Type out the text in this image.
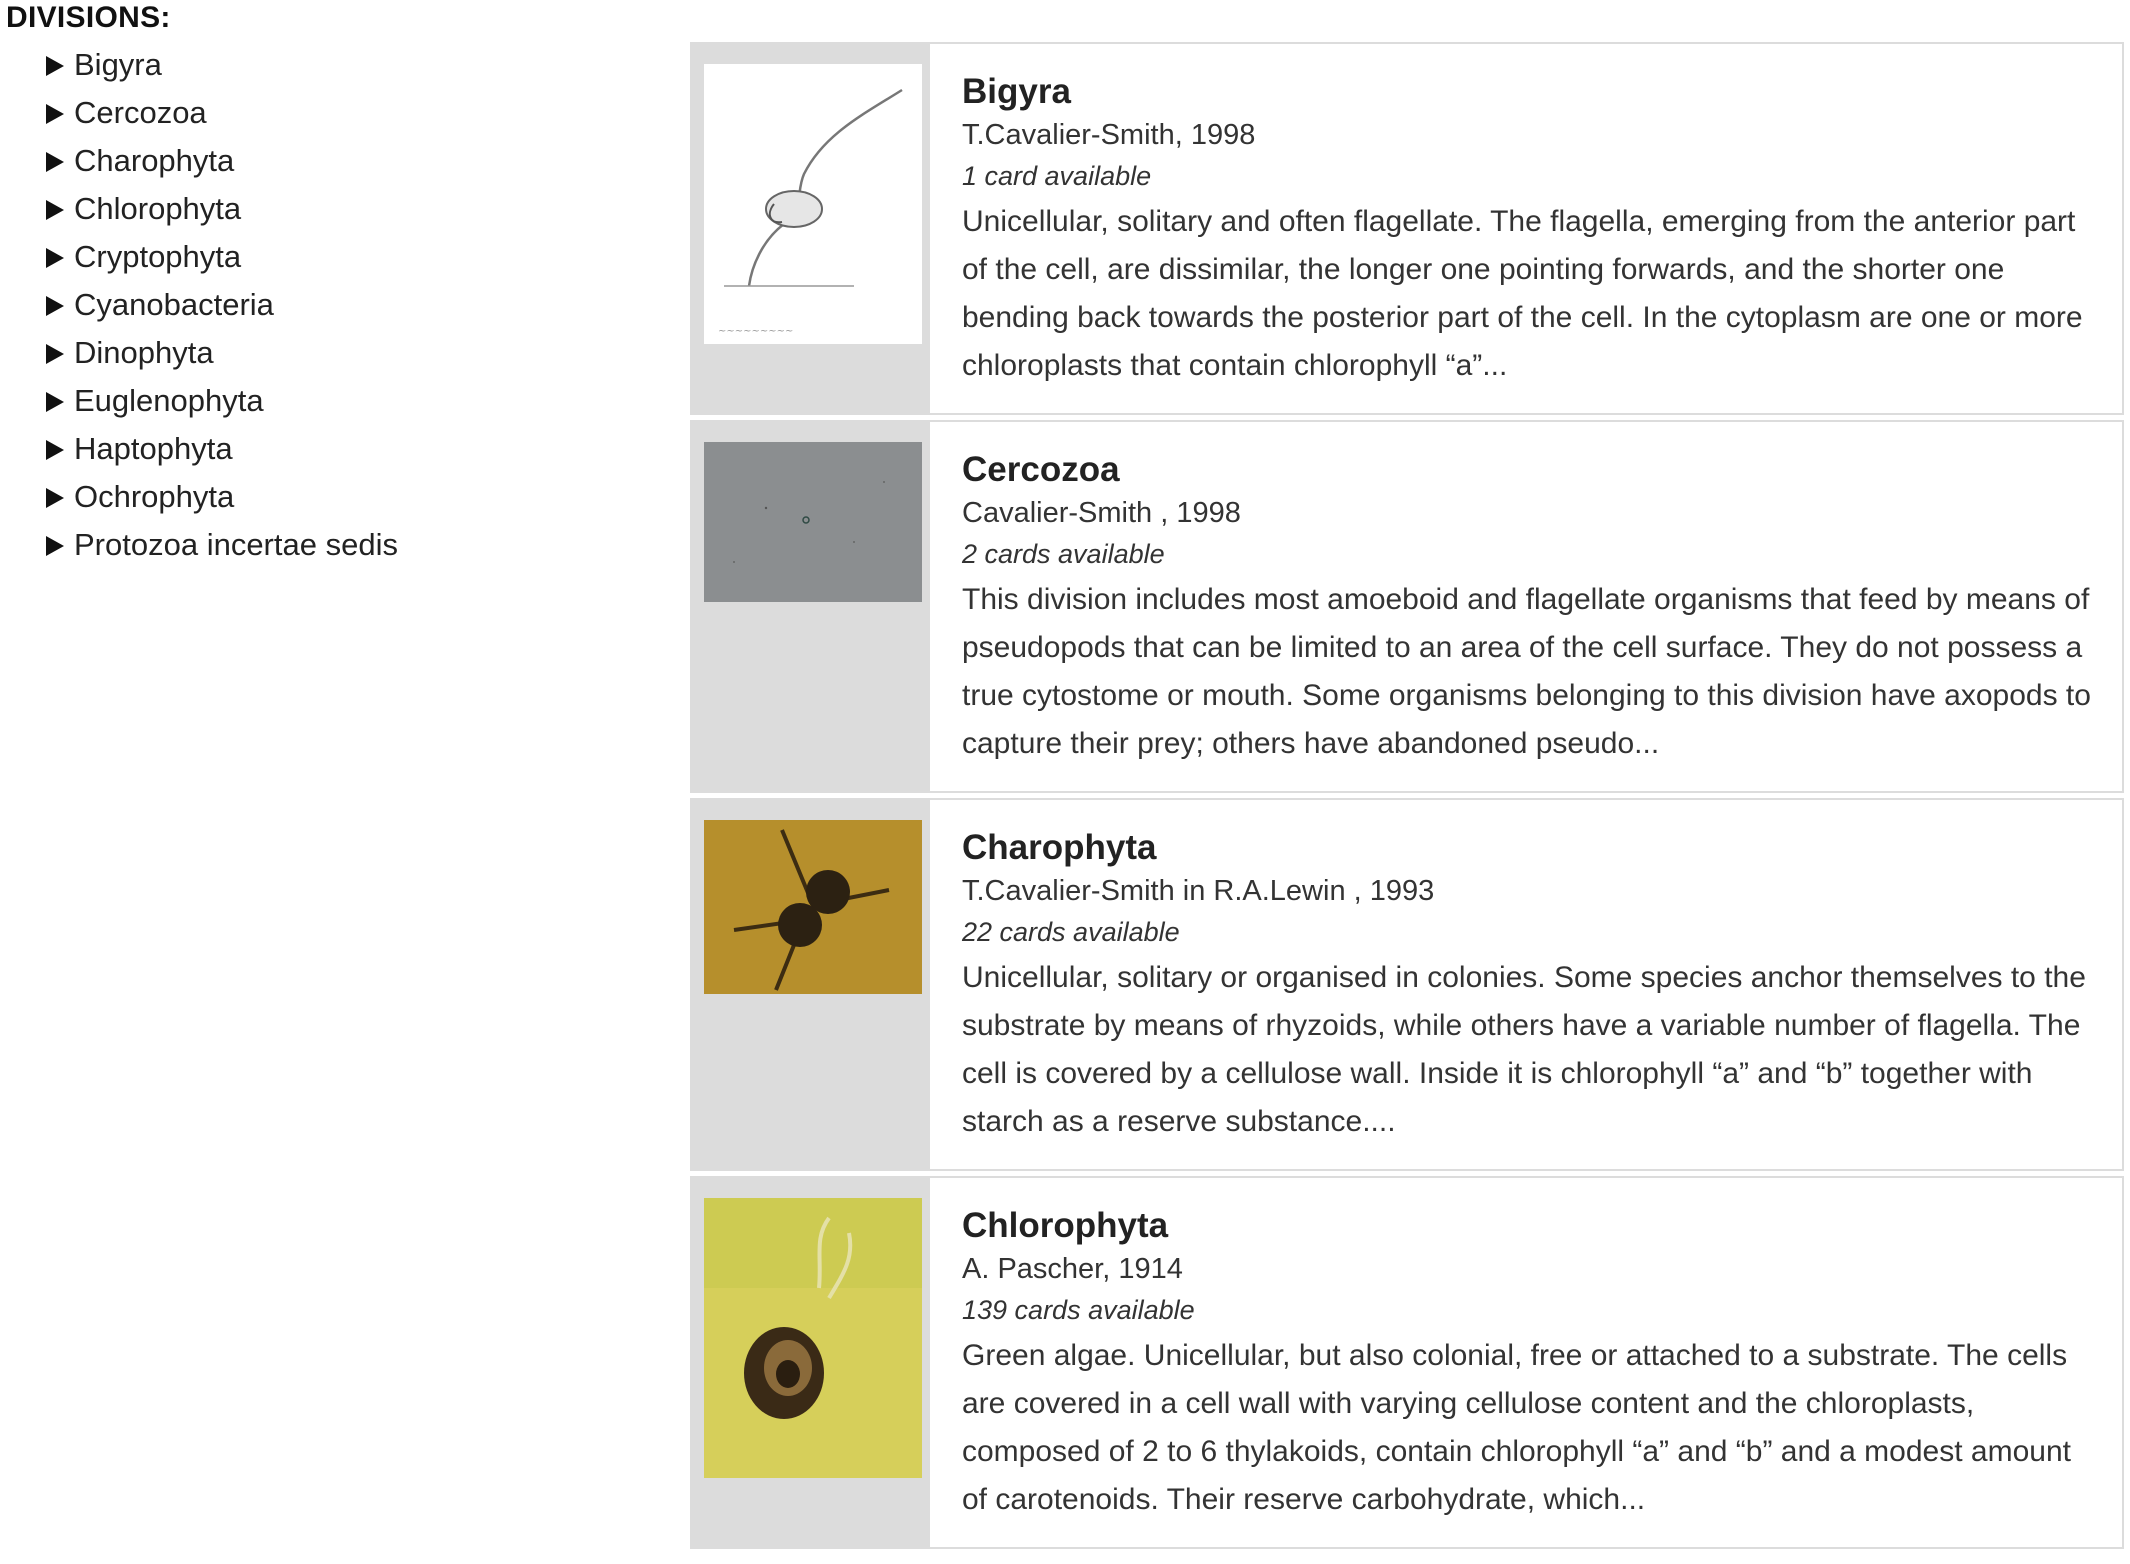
DIVISIONS:
Bigyra
Cercozoa
Charophyta
Chlorophyta
Cryptophyta
Cyanobacteria
Dinophyta
Euglenophyta
Haptophyta
Ochrophyta
Protozoa incertae sedis
~~~~~~~~~
Bigyra
T.Cavalier-Smith, 1998
1 card available
Unicellular, solitary and often flagellate. The flagella, emerging from the anterior part of the cell, are dissimilar, the longer one pointing forwards, and the shorter one bending back towards the posterior part of the cell. In the cytoplasm are one or more chloroplasts that contain chlorophyll “a”...
Cercozoa
Cavalier-Smith , 1998
2 cards available
This division includes most amoeboid and flagellate organisms that feed by means of pseudopods that can be limited to an area of the cell surface. They do not possess a true cytostome or mouth. Some organisms belonging to this division have axopods to capture their prey; others have abandoned pseudo...
Charophyta
T.Cavalier-Smith in R.A.Lewin , 1993
22 cards available
Unicellular, solitary or organised in colonies. Some species anchor themselves to the substrate by means of rhyzoids, while others have a variable number of flagella. The cell is covered by a cellulose wall. Inside it is chlorophyll “a” and “b” together with starch as a reserve substance....
Chlorophyta
A. Pascher, 1914
139 cards available
Green algae. Unicellular, but also colonial, free or attached to a substrate. The cells are covered in a cell wall with varying cellulose content and the chloroplasts, composed of 2 to 6 thylakoids, contain chlorophyll “a” and “b” and a modest amount of carotenoids. Their reserve carbohydrate, which...
